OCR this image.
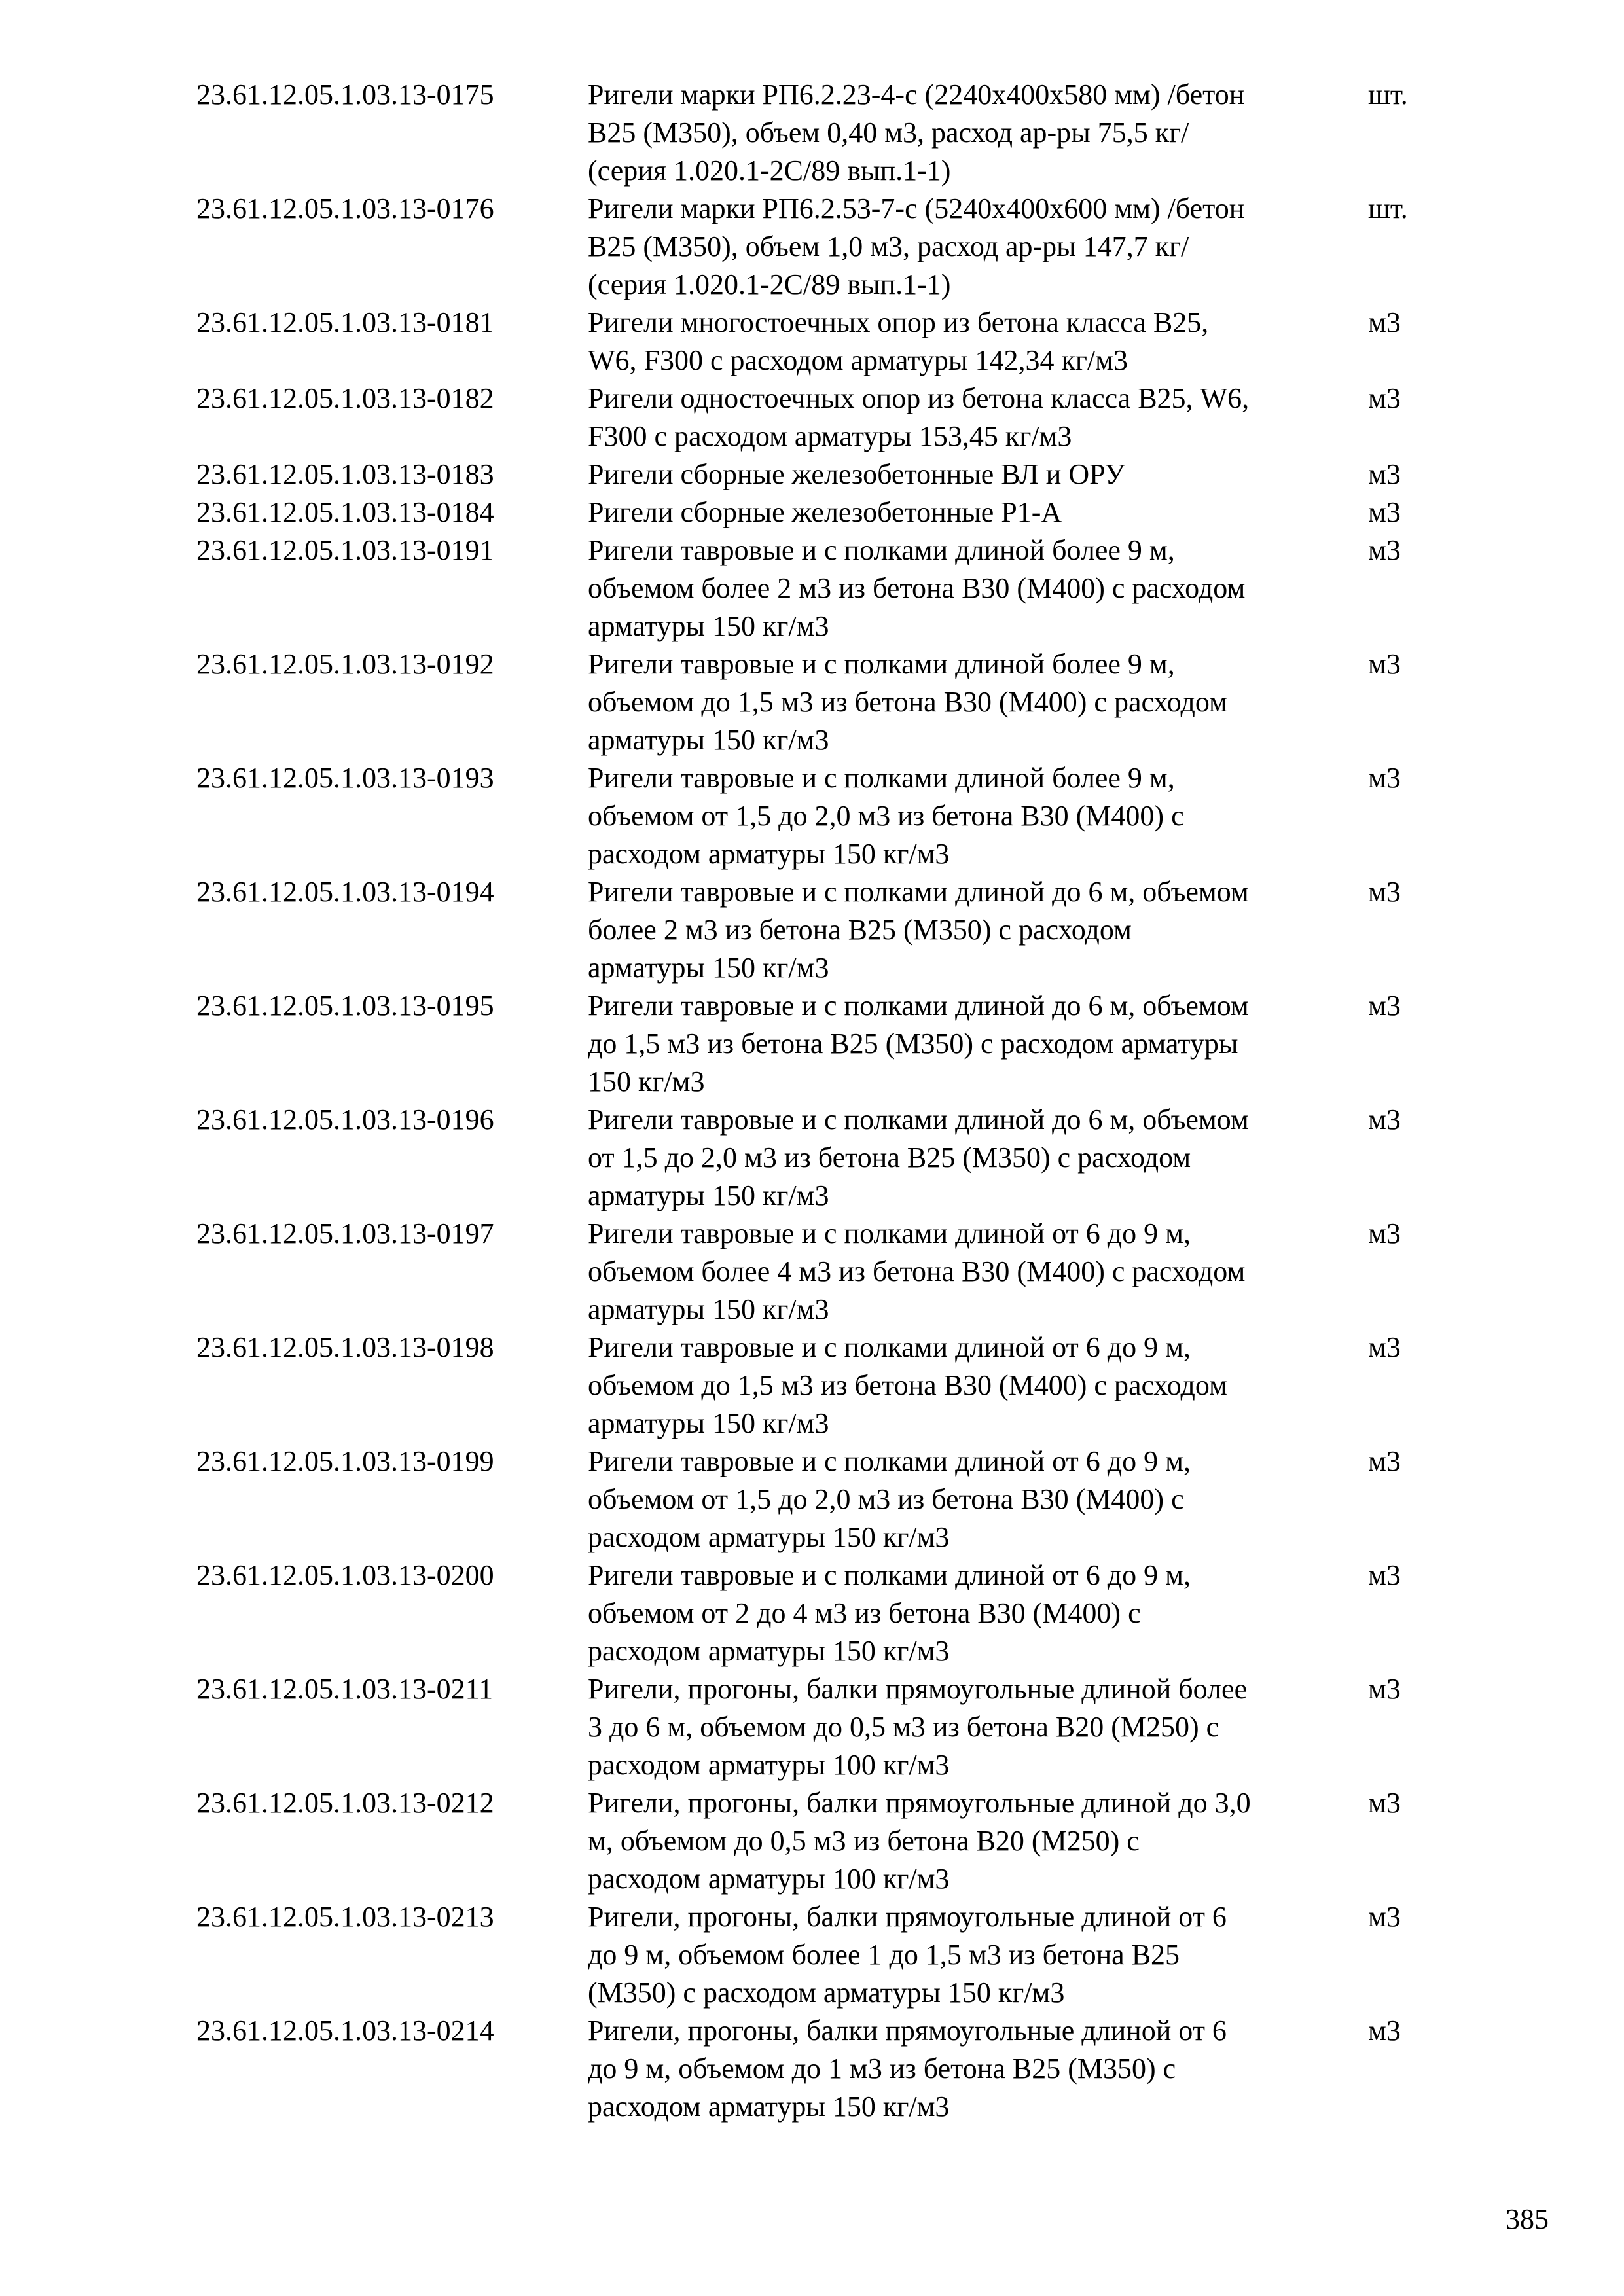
23.61.12.05.1.03.13-0175	Ригели марки РП6.2.23-4-с (2240х400х580 мм) /бетон
В25 (М350), объем 0,40 м3, расход ар-ры 75,5 кг/
(серия 1.020.1-2С/89 вып.1-1)
шт.
23.61.12.05.1.03.13-0176	Ригели марки РП6.2.53-7-с (5240х400х600 мм) /бетон
В25 (М350), объем 1,0 м3, расход ар-ры 147,7 кг/
(серия 1.020.1-2С/89 вып.1-1)
шт.
23.61.12.05.1.03.13-0181	Ригели многостоечных опор из бетона класса В25,
W6, F300 с расходом арматуры 142,34 кг/м3
м3
23.61.12.05.1.03.13-0182	Ригели одностоечных опор из бетона класса В25, W6,
F300 с расходом арматуры 153,45 кг/м3
м3
23.61.12.05.1.03.13-0183	Ригели сборные железобетонные ВЛ и ОРУ	м3
23.61.12.05.1.03.13-0184	Ригели сборные железобетонные Р1-А	м3
23.61.12.05.1.03.13-0191	Ригели тавровые и с полками длиной более 9 м,
объемом более 2 м3 из бетона В30 (М400) с расходом
арматуры 150 кг/м3
м3
23.61.12.05.1.03.13-0192	Ригели тавровые и с полками длиной более 9 м,
объемом до 1,5 м3 из бетона В30 (М400) с расходом
арматуры 150 кг/м3
м3
23.61.12.05.1.03.13-0193	Ригели тавровые и с полками длиной более 9 м,
объемом от 1,5 до 2,0 м3 из бетона В30 (М400) с
расходом арматуры 150 кг/м3
м3
23.61.12.05.1.03.13-0194	Ригели тавровые и с полками длиной до 6 м, объемом
более 2 м3 из бетона В25 (М350) с расходом
арматуры 150 кг/м3
м3
23.61.12.05.1.03.13-0195	Ригели тавровые и с полками длиной до 6 м, объемом
до 1,5 м3 из бетона В25 (М350) с расходом арматуры
150 кг/м3
м3
23.61.12.05.1.03.13-0196	Ригели тавровые и с полками длиной до 6 м, объемом
от 1,5 до 2,0 м3 из бетона В25 (М350) с расходом
арматуры 150 кг/м3
м3
23.61.12.05.1.03.13-0197	Ригели тавровые и с полками длиной от 6 до 9 м,
объемом более 4 м3 из бетона В30 (М400) с расходом
арматуры 150 кг/м3
м3
23.61.12.05.1.03.13-0198	Ригели тавровые и с полками длиной от 6 до 9 м,
объемом до 1,5 м3 из бетона В30 (М400) с расходом
арматуры 150 кг/м3
м3
23.61.12.05.1.03.13-0199	Ригели тавровые и с полками длиной от 6 до 9 м,
объемом от 1,5 до 2,0 м3 из бетона В30 (М400) с
расходом арматуры 150 кг/м3
м3
23.61.12.05.1.03.13-0200	Ригели тавровые и с полками длиной от 6 до 9 м,
объемом от 2 до 4 м3 из бетона В30 (М400) с
расходом арматуры 150 кг/м3
м3
23.61.12.05.1.03.13-0211	Ригели, прогоны, балки прямоугольные длиной более
3 до 6 м, объемом до 0,5 м3 из бетона В20 (М250) с
расходом арматуры 100 кг/м3
м3
23.61.12.05.1.03.13-0212	Ригели, прогоны, балки прямоугольные длиной до 3,0
м, объемом до 0,5 м3 из бетона В20 (М250) с
расходом арматуры 100 кг/м3
м3
23.61.12.05.1.03.13-0213	Ригели, прогоны, балки прямоугольные длиной от 6
до 9 м, объемом более 1 до 1,5 м3 из бетона В25
(М350) с расходом арматуры 150 кг/м3
м3
23.61.12.05.1.03.13-0214	Ригели, прогоны, балки прямоугольные длиной от 6
до 9 м, объемом до 1 м3 из бетона В25 (М350) с
расходом арматуры 150 кг/м3
м3
385
